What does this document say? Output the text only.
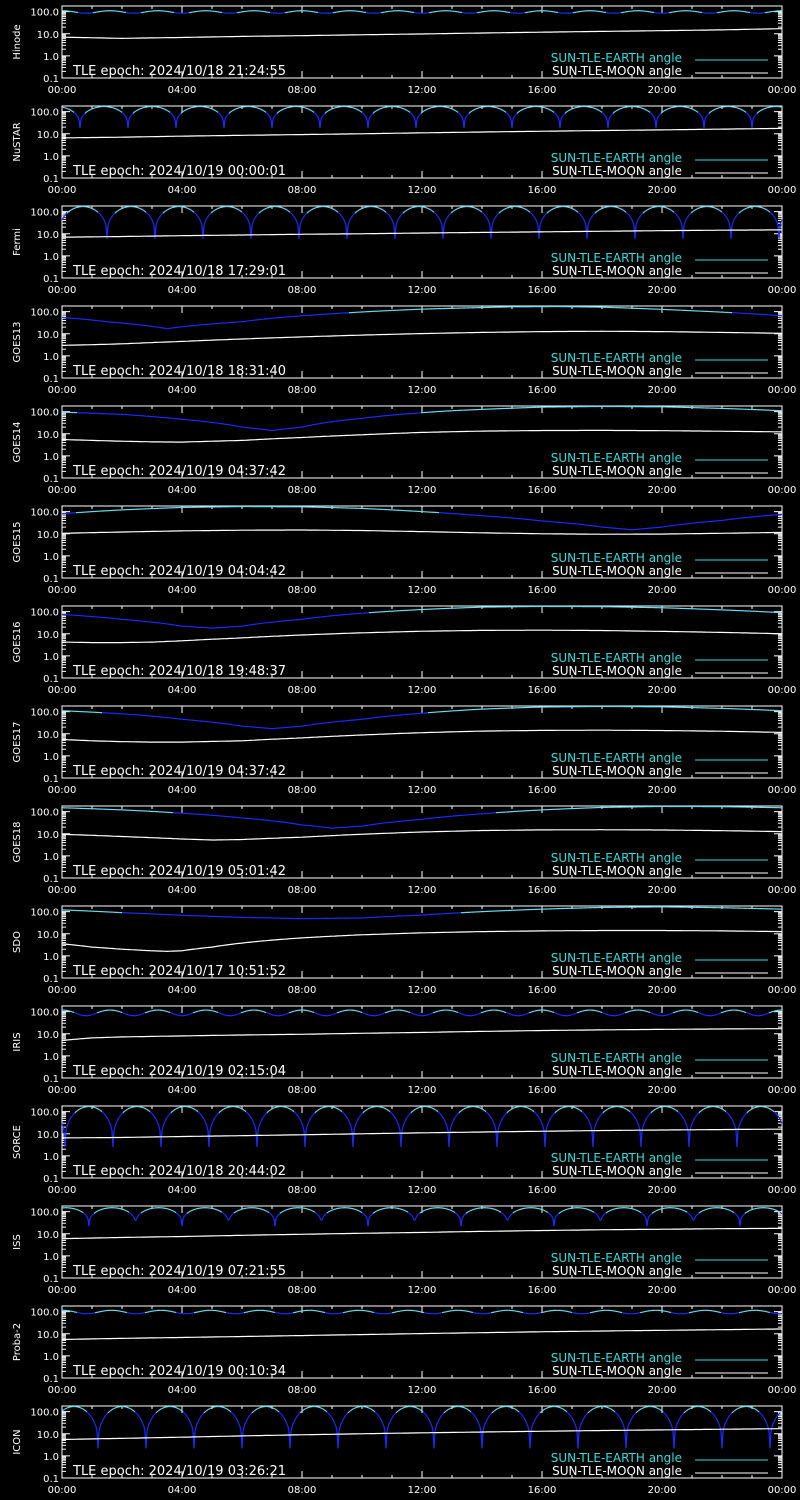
100.0
10.0
1.0
0.1
00:00	04:00	08:00	12:00	16:00	20:00	00:00
Hinode	SUN-TLE-EARTH angle
SUN-TLE-MOON angle
TLE epoch: 2024/10/18 21:24:55
100.0
10.0
1.0
0.1
00:00	04:00	08:00	12:00	16:00	20:00	00:00
NuSTAR	SUN-TLE-EARTH angle
SUN-TLE-MOON angle
TLE epoch: 2024/10/19 00:00:01
100.0
10.0
1.0
0.1
00:00	04:00	08:00	12:00	16:00	20:00	00:00
Fermi
SUN-TLE-EARTH angle
SUN-TLE-MOON angle
TLE epoch: 2024/10/18 17:29:01
100.0
10.0
1.0
0.1
00:00	04:00	08:00	12:00	16:00	20:00	00:00
GOES13	SUN-TLE-EARTH angle
SUN-TLE-MOON angle
TLE epoch: 2024/10/18 18:31:40
100.0
10.0
1.0
0.1
00:00	04:00	08:00	12:00	16:00	20:00	00:00
GOES14	SUN-TLE-EARTH angle
SUN-TLE-MOON angle
TLE epoch: 2024/10/19 04:37:42
100.0
10.0
1.0
0.1
00:00	04:00	08:00	12:00	16:00	20:00	00:00
GOES15	SUN-TLE-EARTH angle
SUN-TLE-MOON angle
TLE epoch: 2024/10/19 04:04:42
100.0
10.0
1.0
0.1
00:00	04:00	08:00	12:00	16:00	20:00	00:00
GOES16	SUN-TLE-EARTH angle
SUN-TLE-MOON angle
TLE epoch: 2024/10/18 19:48:37
100.0
10.0
1.0
0.1
00:00	04:00	08:00	12:00	16:00	20:00	00:00
GOES17	SUN-TLE-EARTH angle
SUN-TLE-MOON angle
TLE epoch: 2024/10/19 04:37:42
100.0
10.0
1.0
0.1
00:00	04:00	08:00	12:00	16:00	20:00	00:00
GOES18	SUN-TLE-EARTH angle
SUN-TLE-MOON angle
TLE epoch: 2024/10/19 05:01:42
100.0
10.0
1.0
0.1
00:00	04:00	08:00	12:00	16:00	20:00	00:00
SDO
SUN-TLE-EARTH angle
SUN-TLE-MOON angle
TLE epoch: 2024/10/17 10:51:52
100.0
10.0
1.0
0.1
00:00	04:00	08:00	12:00	16:00	20:00	00:00
IRIS
SUN-TLE-EARTH angle
SUN-TLE-MOON angle
TLE epoch: 2024/10/19 02:15:04
100.0
10.0
1.0
0.1
00:00	04:00	08:00	12:00	16:00	20:00	00:00
SORCE	SUN-TLE-EARTH angle
SUN-TLE-MOON angle
TLE epoch: 2024/10/18 20:44:02
100.0
10.0
1.0
0.1
00:00	04:00	08:00	12:00	16:00	20:00	00:00
ISS
SUN-TLE-EARTH angle
SUN-TLE-MOON angle
TLE epoch: 2024/10/19 07:21:55
100.0
10.0
1.0
0.1
00:00	04:00	08:00	12:00	16:00	20:00	00:00
Proba-2	SUN-TLE-EARTH angle
SUN-TLE-MOON angle
TLE epoch: 2024/10/19 00:10:34
100.0
10.0
1.0
0.1
00:00	04:00	08:00	12:00	16:00	20:00	00:00
ICON
SUN-TLE-EARTH angle
SUN-TLE-MOON angle
TLE epoch: 2024/10/19 03:26:21
